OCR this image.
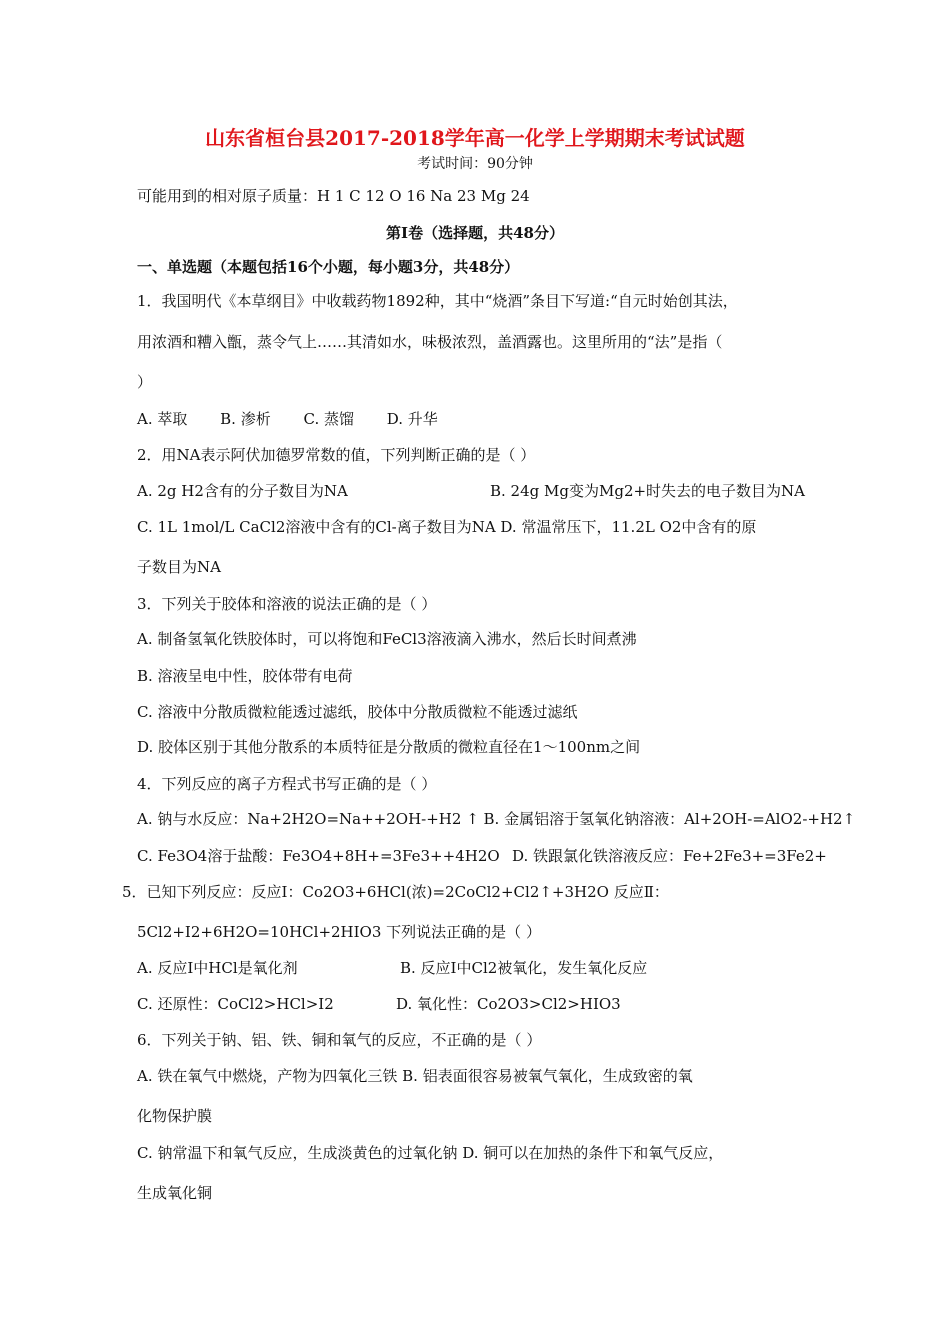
山东省桓台县2017-2018学年高一化学上学期期末考试试题
考试时间：90分钟
可能用到的相对原子质量：H 1 C 12 O 16 Na 23 Mg 24
第Ⅰ卷（选择题，共48分）
一、单选题（本题包括16个小题，每小题3分，共48分）
1．我国明代《本草纲目》中收载药物1892种，其中“烧酒”条目下写道:“自元时始创其法，
用浓酒和糟入甑，蒸令气上……其清如水，味极浓烈，盖酒露也。这里所用的“法”是指（
）
A. 萃取 B. 渗析 C. 蒸馏 D. 升华
2．用NA表示阿伏加德罗常数的值，下列判断正确的是（ ）
A. 2g H2含有的分子数目为NA	B. 24g Mg变为Mg2+时失去的电子数目为NA
C. 1L 1mol/L CaCl2溶液中含有的Cl-离子数目为NA D. 常温常压下，11.2L O2中含有的原
子数目为NA
3．下列关于胶体和溶液的说法正确的是（ ）
A. 制备氢氧化铁胶体时，可以将饱和FeCl3溶液滴入沸水，然后长时间煮沸
B. 溶液呈电中性，胶体带有电荷
C. 溶液中分散质微粒能透过滤纸，胶体中分散质微粒不能透过滤纸
D. 胶体区别于其他分散系的本质特征是分散质的微粒直径在1～100nm之间
4．下列反应的离子方程式书写正确的是（ ）
A. 钠与水反应：Na+2H2O=Na++2OH-+H2 ↑ B. 金属铝溶于氢氧化钠溶液：Al+2OH-=AlO2-+H2↑
C. Fe3O4溶于盐酸：Fe3O4+8H+=3Fe3++4H2O D. 铁跟氯化铁溶液反应：Fe+2Fe3+=3Fe2+
5．已知下列反应：反应Ⅰ：Co2O3+6HCl(浓)=2CoCl2+Cl2↑+3H2O 反应Ⅱ：
5Cl2+I2+6H2O=10HCl+2HIO3 下列说法正确的是（ ）
A. 反应Ⅰ中HCl是氧化剂	B. 反应Ⅰ中Cl2被氧化，发生氧化反应
C. 还原性：CoCl2>HCl>I2	D. 氧化性：Co2O3>Cl2>HIO3
6．下列关于钠、铝、铁、铜和氧气的反应，不正确的是（ ）
A. 铁在氧气中燃烧，产物为四氧化三铁 B. 铝表面很容易被氧气氧化，生成致密的氧
化物保护膜
C. 钠常温下和氧气反应，生成淡黄色的过氧化钠 D. 铜可以在加热的条件下和氧气反应，
生成氧化铜
